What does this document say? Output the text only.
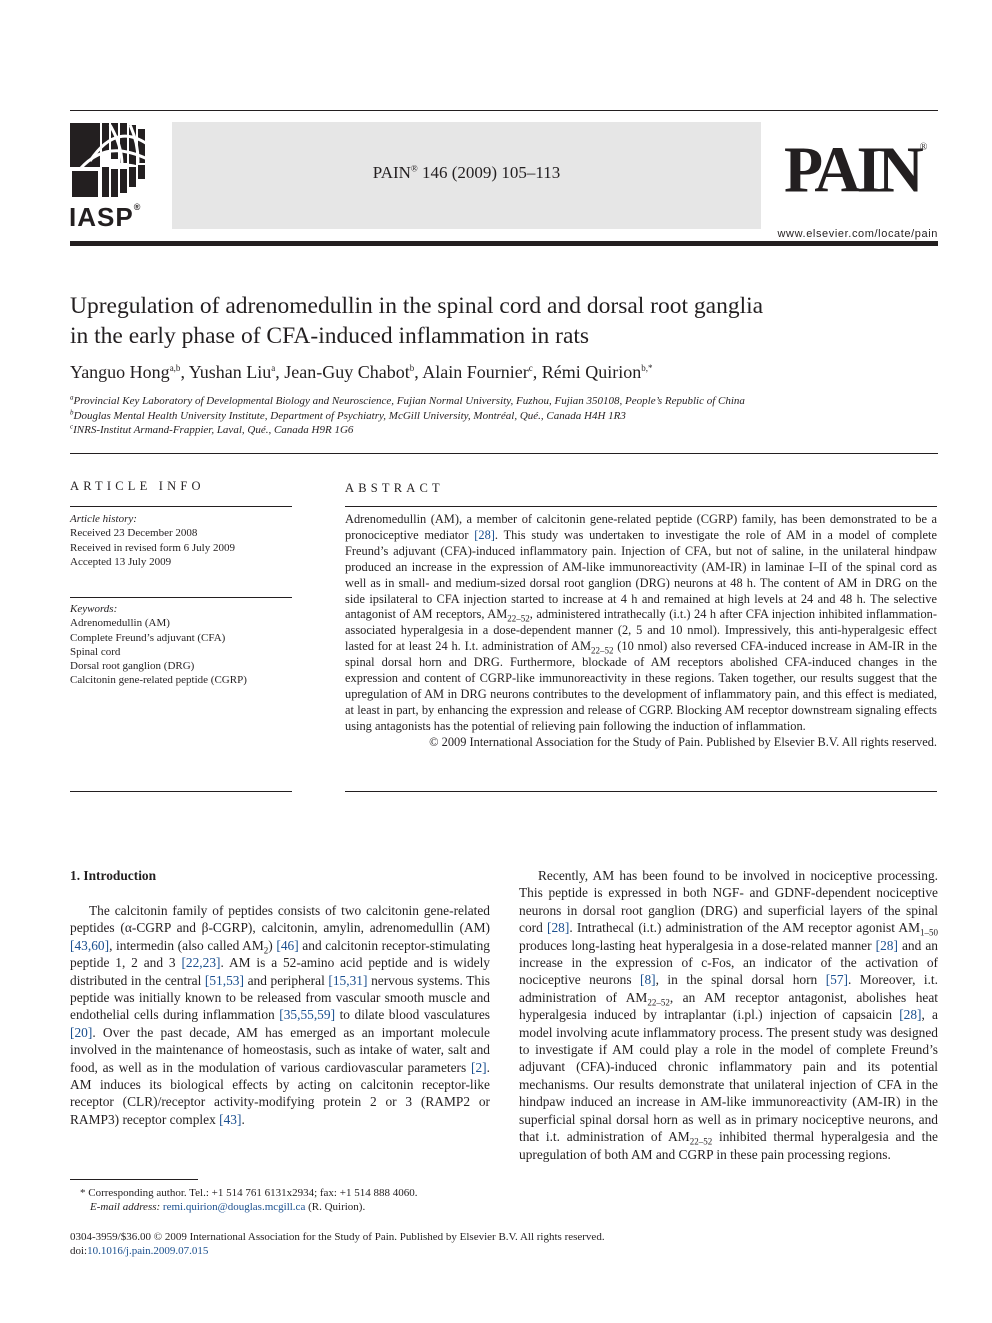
IASP®
PAIN® 146 (2009) 105–113	PAIN®
www.elsevier.com/locate/pain
Upregulation of adrenomedullin in the spinal cord and dorsal root ganglia
in the early phase of CFA-induced inflammation in rats
Yanguo Hong$^{a,b}$, Yushan Liu$^a$, Jean-Guy Chabot$^b$, Alain Fournier$^c$, Rémi Quirion$^{b,*}$
$^a$Provincial Key Laboratory of Developmental Biology and Neuroscience, Fujian Normal University, Fuzhou, Fujian 350108, People’s Republic of China
$^b$Douglas Mental Health University Institute, Department of Psychiatry, McGill University, Montréal, Qué., Canada H4H 1R3
$^c$INRS-Institut Armand-Frappier, Laval, Qué., Canada H9R 1G6
ARTICLE INFO
Article history:
Received 23 December 2008
Received in revised form 6 July 2009
Accepted 13 July 2009
Keywords:
Adrenomedullin (AM)
Complete Freund’s adjuvant (CFA)
Spinal cord
Dorsal root ganglion (DRG)
Calcitonin gene-related peptide (CGRP)
ABSTRACT

Adrenomedullin (AM), a member of calcitonin gene-related peptide (CGRP) family, has been demonstrated to be a pronociceptive mediator [28]. This study was undertaken to investigate the role of AM in a model of complete Freund’s adjuvant (CFA)-induced inflammatory pain. Injection of CFA, but not of saline, in the unilateral hindpaw produced an increase in the expression of AM-like immunoreactivity (AM-IR) in laminae I–II of the spinal cord as well as in small- and medium-sized dorsal root ganglion (DRG) neurons at 48 h. The content of AM in DRG on the side ipsilateral to CFA injection started to increase at 4 h and remained at high levels at 24 and 48 h. The selective antagonist of AM receptors, $AM_{22-52}$, administered intrathecally (i.t.) 24 h after CFA injection inhibited inflammation-associated hyperalgesia in a dose-dependent manner (2, 5 and 10 nmol). Impressively, this anti-hyperalgesic effect lasted for at least 24 h. I.t. administration of $AM_{22-52}$ (10 nmol) also reversed CFA-induced increase in AM-IR in the spinal dorsal horn and DRG. Furthermore, blockade of AM receptors abolished CFA-induced changes in the expression and content of CGRP-like immunoreactivity in these regions. Taken together, our results suggest that the upregulation of AM in DRG neurons contributes to the development of inflammatory pain, and this effect is mediated, at least in part, by enhancing the expression and release of CGRP. Blocking AM receptor downstream signaling effects using antagonists has the potential of relieving pain following the induction of inflammation.

© 2009 International Association for the Study of Pain. Published by Elsevier B.V. All rights reserved.

1. Introduction

The calcitonin family of peptides consists of two calcitonin gene-related peptides (α-CGRP and β-CGRP), calcitonin, amylin, adrenomedullin (AM) [43,60], intermedin (also called $AM_2$) [46] and calcitonin receptor-stimulating peptide 1, 2 and 3 [22,23]. AM is a 52-amino acid peptide and is widely distributed in the central [51,53] and peripheral [15,31] nervous systems. This peptide was initially known to be released from vascular smooth muscle and endothelial cells during inflammation [35,55,59] to dilate blood vasculatures [20]. Over the past decade, AM has emerged as an important molecule involved in the maintenance of homeostasis, such as intake of water, salt and food, as well as in the modulation of various cardiovascular parameters [2]. AM induces its biological effects by acting on calcitonin receptor-like receptor (CLR)/receptor activity-modifying protein 2 or 3 (RAMP2 or RAMP3) receptor complex [43].

Recently, AM has been found to be involved in nociceptive processing. This peptide is expressed in both NGF- and GDNF-dependent nociceptive neurons in dorsal root ganglion (DRG) and superficial layers of the spinal cord [28]. Intrathecal (i.t.) administration of the AM receptor agonist $AM_{1-50}$ produces long-lasting heat hyperalgesia in a dose-related manner [28] and an increase in the expression of c-Fos, an indicator of the activation of nociceptive neurons [8], in the spinal dorsal horn [57]. Moreover, i.t. administration of $AM_{22-52}$, an AM receptor antagonist, abolishes heat hyperalgesia induced by intraplantar (i.pl.) injection of capsaicin [28], a model involving acute inflammatory process. The present study was designed to investigate if AM could play a role in the model of complete Freund’s adjuvant (CFA)-induced chronic inflammatory pain and its potential mechanisms. Our results demonstrate that unilateral injection of CFA in the hindpaw induced an increase in AM-like immunoreactivity (AM-IR) in the superficial spinal dorsal horn as well as in primary nociceptive neurons, and that i.t. administration of $AM_{22-52}$ inhibited thermal hyperalgesia and the upregulation of both AM and CGRP in these pain processing regions.

* Corresponding author. Tel.: +1 514 761 6131x2934; fax: +1 514 888 4060.
E-mail address: remi.quirion@douglas.mcgill.ca (R. Quirion).
0304-3959/$36.00 © 2009 International Association for the Study of Pain. Published by Elsevier B.V. All rights reserved.
doi:10.1016/j.pain.2009.07.015
